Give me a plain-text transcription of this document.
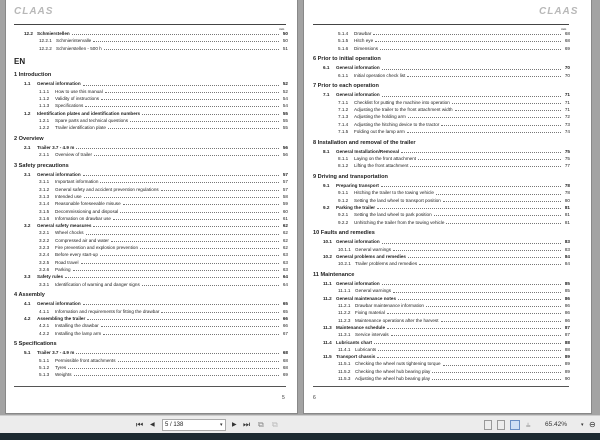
CLAAS
mm
12.2 Schmierstellen	50
12.2.1 Schmierintervalle	50
12.2.2 Schmierstellen - 500 h	51
EN
1 Introduction
1.1	General information	52
1.1.1	How to use this manual	52
1.1.2	Validity of instructions	54
1.1.3	Specifications	54
1.2	Identification plates and identification numbers	55
1.2.1	Spare parts and technical questions	55
1.2.2	Trailer identification plate	55
2 Overview
2.1	Trailer 3.7 - 4.9 m	56
2.1.1	Overview of trailer	56
3 Safety precautions
3.1	General information	57
3.1.1	Important information	57
3.1.2	General safety and accident prevention regulations	57
3.1.3	Intended use	58
3.1.4	Reasonable foreseeable misuse	59
3.1.5	Decommissioning and disposal	60
3.1.6	Information on drawbar use	61
3.2	General safety measures	62
3.2.1	Wheel chocks	62
3.2.2	Compressed air and water	62
3.2.3	Fire prevention and explosion prevention	62
3.2.4	Before every start-up	63
3.2.5	Road travel	63
3.2.6	Parking	63
3.3	Safety rules	64
3.3.1	Identification of warning and danger signs	64
4 Assembly
4.1	General information	65
4.1.1	Information and requirements for fitting the drawbar	65
4.2	Assembling the trailer	66
4.2.1	Installing the drawbar	66
4.2.2	Installing the lamp arm	67
5 Specifications
5.1	Trailer 3.7 - 4.9 m	68
5.1.1	Permissible front attachments	68
5.1.2	Tyres	68
5.1.3	Weights	69
5
CLAAS
mm
5.1.4	Drawbar	68
5.1.5	Hitch eye	68
5.1.6	Dimensions	69
6 Prior to initial operation
6.1	General information	70
6.1.1	Initial operation check list	70
7 Prior to each operation
7.1	General information	71
7.1.1	Checklist for putting the machine into operation	71
7.1.2	Adjusting the trailer to the front attachment width	71
7.1.3	Adjusting the holding arm	72
7.1.4	Adjusting the hitching device to the tractor	73
7.1.5	Folding out the lamp arm	74
8 Installation and removal of the trailer
8.1	General Installation/Removal	75
8.1.1	Laying on the front attachment	75
8.1.2	Lifting the front attachment	77
9 Driving and transportation
9.1	Preparing transport	78
9.1.1	Hitching the trailer to the towing vehicle	78
9.1.2	Setting the land wheel to transport position	80
9.2	Parking the trailer	81
9.2.1	Setting the land wheel to park position	81
9.2.2	Unhitching the trailer from the towing vehicle	81
10 Faults and remedies
10.1 General information	83
10.1.1 General warnings	83
10.2 General problems and remedies	84
10.2.1 Trailer problems and remedies	84
11 Maintenance
11.1 General information	85
11.1.1 General warnings	85
11.2 General maintenance notes	86
11.2.1 Drawbar maintenance information	86
11.2.2 Fixing material	86
11.2.3 Maintenance operations after the harvest	86
11.3 Maintenance schedule	87
11.3.1 Service intervals	87
11.4 Lubricants chart	88
11.4.1 Lubricants	88
11.5 Transport chassis	89
11.5.1 Checking the wheel nuts tightening torque	89
11.5.2 Checking the wheel hub bearing play	89
11.5.3 Adjusting the wheel hub bearing play	90
6
⏮ ◀	5 / 138	▾ ▶ ⏭ ⧉ ⧉	⫨ 65.42%	▾ ⊖
